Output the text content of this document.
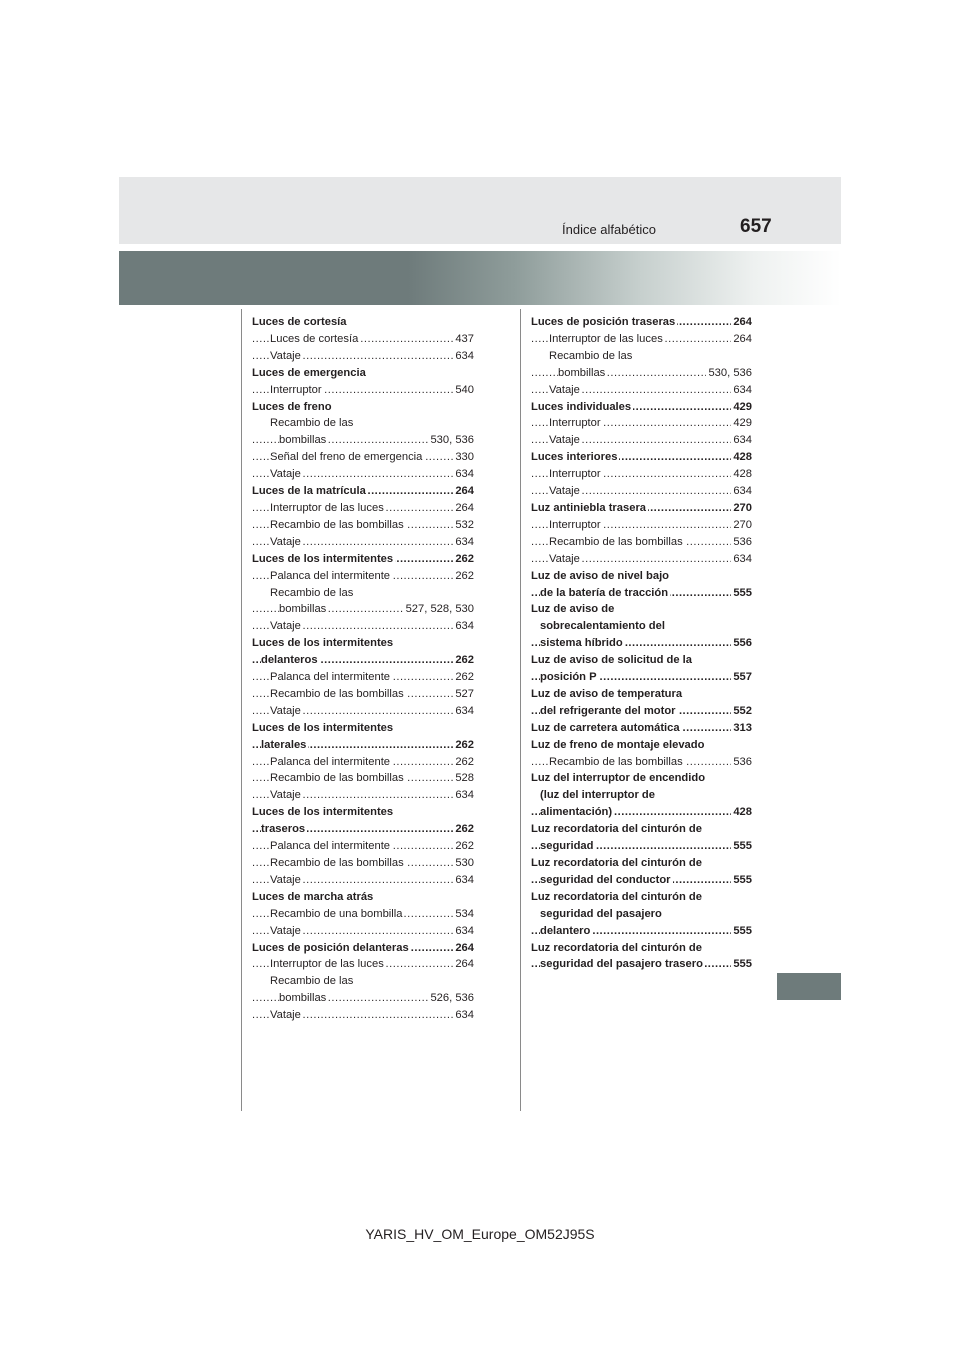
Índice alfabético	657
Luces de cortesía
Luces de cortesía	437
.....
Vataje	634
.....
Luces de emergencia
Interruptor	540
.....
Luces de freno
Recambio de las
bombillas	530, 536
.....
Señal del freno de emergencia	330
.....
Vataje	634
.....
Luces de la matrícula	264
.....
Interruptor de las luces	264
.....
Recambio de las bombillas	532
.....
Vataje	634
.....
Luces de los intermitentes	262
.....
Palanca del intermitente	262
.....
Recambio de las
bombillas	527, 528, 530
.....
Vataje	634
.....
Luces de los intermitentes
delanteros	262
.....
Palanca del intermitente	262
.....
Recambio de las bombillas	527
.....
Vataje	634
.....
Luces de los intermitentes
laterales	262
.....
Palanca del intermitente	262
.....
Recambio de las bombillas	528
.....
Vataje	634
.....
Luces de los intermitentes
traseros	262
.....
Palanca del intermitente	262
.....
Recambio de las bombillas	530
.....
Vataje	634
.....
Luces de marcha atrás
Recambio de una bombilla	534
.....
Vataje	634
.....
Luces de posición delanteras	264
.....
Interruptor de las luces	264
.....
Recambio de las
bombillas	526, 536
.....
Vataje	634
.....
Luces de posición traseras	264
.....
Interruptor de las luces	264
.....
Recambio de las
bombillas	530, 536
.....
Vataje	634
.....
Luces individuales	429
.....
Interruptor	429
.....
Vataje	634
.....
Luces interiores	428
.....
Interruptor	428
.....
Vataje	634
.....
Luz antiniebla trasera	270
.....
Interruptor	270
.....
Recambio de las bombillas	536
.....
Vataje	634
.....
Luz de aviso de nivel bajo
de la batería de tracción	555
.....
Luz de aviso de
sobrecalentamiento del
sistema híbrido	556
.....
Luz de aviso de solicitud de la
posición P	557
.....
Luz de aviso de temperatura
del refrigerante del motor	552
.....
Luz de carretera automática	313
.....
Luz de freno de montaje elevado
Recambio de las bombillas	536
.....
Luz del interruptor de encendido
(luz del interruptor de
alimentación)	428
.....
Luz recordatoria del cinturón de
seguridad	555
.....
Luz recordatoria del cinturón de
seguridad del conductor	555
.....
Luz recordatoria del cinturón de
seguridad del pasajero
delantero	555
.....
Luz recordatoria del cinturón de
seguridad del pasajero trasero	555
.....
YARIS_HV_OM_Europe_OM52J95S
